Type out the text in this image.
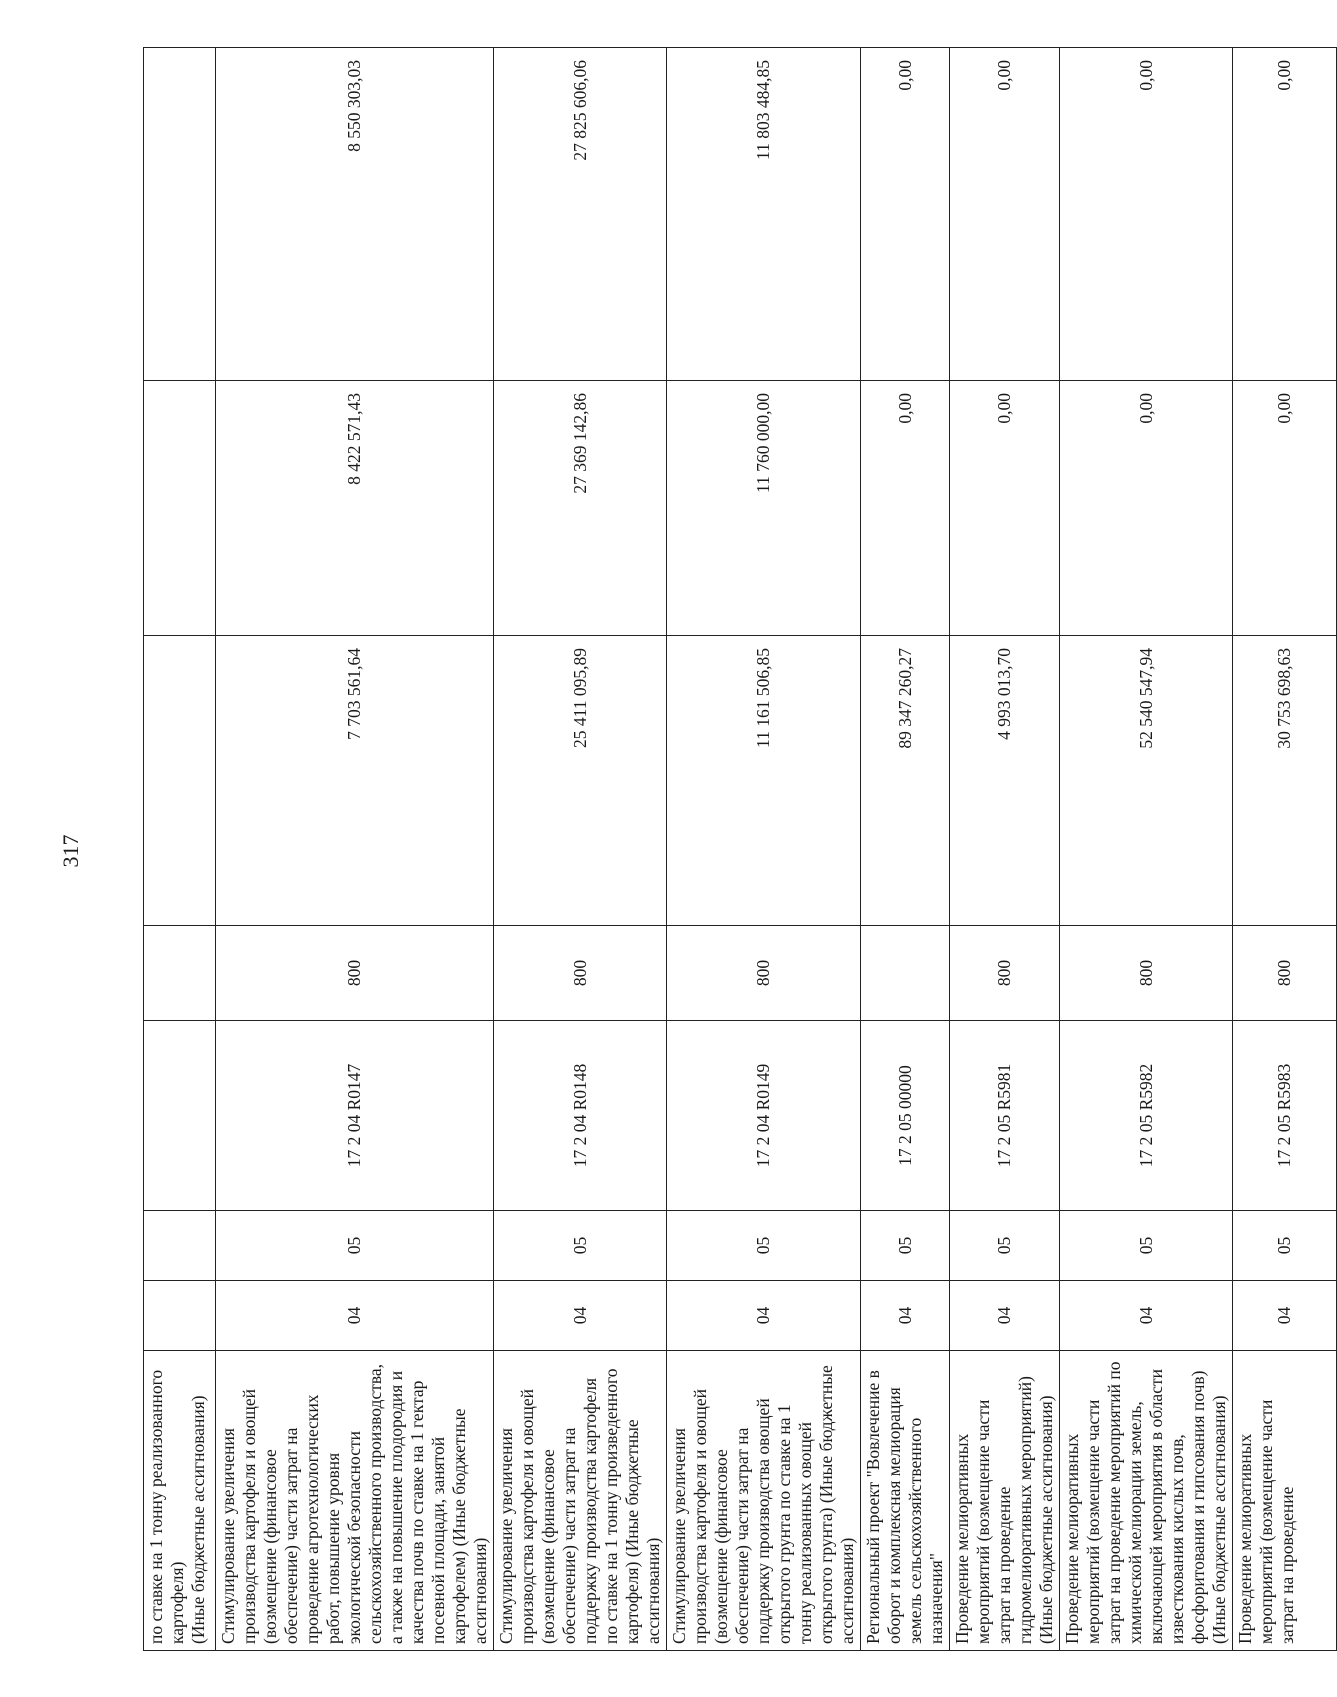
317
по ставке на 1 тонну реализованного картофеля)
(Иные бюджетные ассигнования)							
Стимулирование увеличения производства картофеля и овощей (возмещение (финансовое обеспечение) части затрат на проведение агротехнологических работ, повышение уровня экологической безопасности сельскохозяйственного производства, а также на повышение плодородия и качества почв по ставке на 1 гектар посевной площади, занятой картофелем) (Иные бюджетные ассигнования)	04	05	17 2 04 R0147	800	7 703 561,64	8 422 571,43	8 550 303,03
Стимулирование увеличения производства картофеля и овощей (возмещение (финансовое обеспечение) части затрат на поддержку производства картофеля по ставке на 1 тонну произведенного картофеля) (Иные бюджетные ассигнования)	04	05	17 2 04 R0148	800	25 411 095,89	27 369 142,86	27 825 606,06
Стимулирование увеличения производства картофеля и овощей (возмещение (финансовое обеспечение) части затрат на поддержку производства овощей открытого грунта по ставке на 1 тонну реализованных овощей открытого грунта) (Иные бюджетные ассигнования)	04	05	17 2 04 R0149	800	11 161 506,85	11 760 000,00	11 803 484,85
Региональный проект "Вовлечение в оборот и комплексная мелиорация земель сельскохозяйственного назначения"	04	05	17 2 05 00000		89 347 260,27	0,00	0,00
Проведение мелиоративных мероприятий (возмещение части затрат на проведение гидромелиоративных мероприятий) (Иные бюджетные ассигнования)	04	05	17 2 05 R5981	800	4 993 013,70	0,00	0,00
Проведение мелиоративных мероприятий (возмещение части затрат на проведение мероприятий по химической мелиорации земель, включающей мероприятия в области известкования кислых почв, фосфоритования и гипсования почв) (Иные бюджетные ассигнования)	04	05	17 2 05 R5982	800	52 540 547,94	0,00	0,00
Проведение мелиоративных мероприятий (возмещение части затрат на проведение	04	05	17 2 05 R5983	800	30 753 698,63	0,00	0,00
